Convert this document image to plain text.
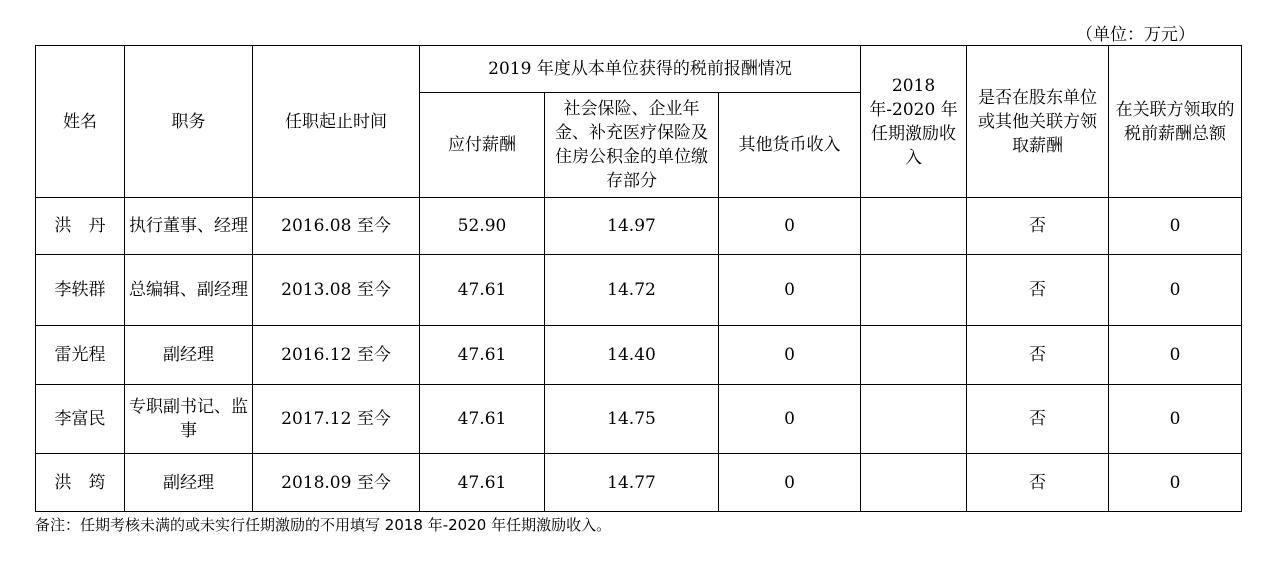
（单位：万元）
姓名	职务	任职起止时间	2019 年度从本单位获得的税前报酬情况			2018 年-2020 年任期激励收入	是否在股东单位或其他关联方领取薪酬	在关联方领取的税前薪酬总额
			应付薪酬	社会保险、企业年金、补充医疗保险及住房公积金的单位缴存部分	其他货币收入			
洪　丹	执行董事、经理	2016.08 至今	52.90	14.97	0		否	0
李轶群	总编辑、副经理	2013.08 至今	47.61	14.72	0		否	0
雷光程	副经理	2016.12 至今	47.61	14.40	0		否	0
李富民	专职副书记、监事	2017.12 至今	47.61	14.75	0		否	0
洪　筠	副经理	2018.09 至今	47.61	14.77	0		否	0
备注：任期考核未满的或未实行任期激励的不用填写 2018 年-2020 年任期激励收入。
